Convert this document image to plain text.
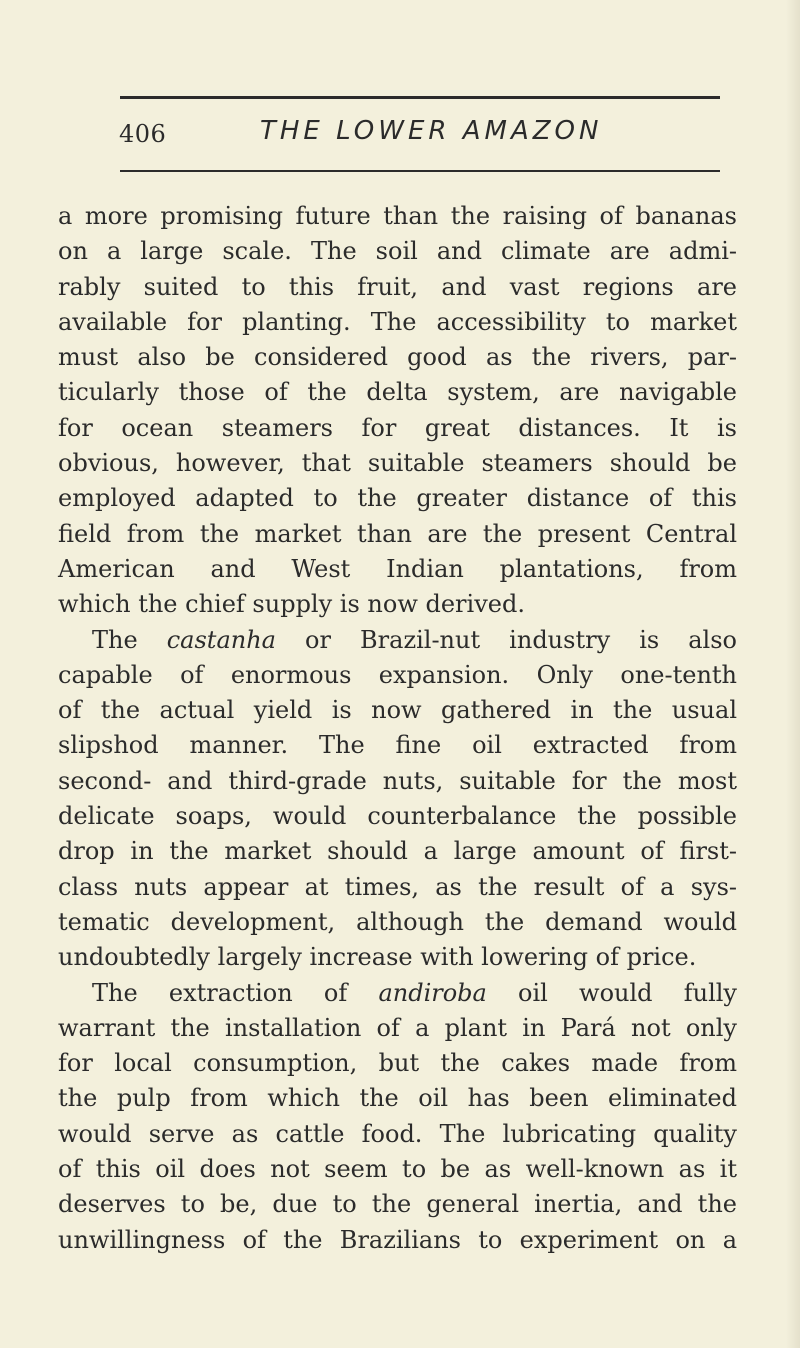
406	THE LOWER AMAZON
a more promising future than the raising of bananas
on a large scale. The soil and climate are admi-
rably suited to this fruit, and vast regions are
available for planting. The accessibility to market
must also be considered good as the rivers, par-
ticularly those of the delta system, are navigable
for ocean steamers for great distances. It is
obvious, however, that suitable steamers should be
employed adapted to the greater distance of this
field from the market than are the present Central
American and West Indian plantations, from
which the chief supply is now derived.
The castanha or Brazil-nut industry is also
capable of enormous expansion. Only one-tenth
of the actual yield is now gathered in the usual
slipshod manner. The fine oil extracted from
second- and third-grade nuts, suitable for the most
delicate soaps, would counterbalance the possible
drop in the market should a large amount of first-
class nuts appear at times, as the result of a sys-
tematic development, although the demand would
undoubtedly largely increase with lowering of price.
The extraction of andiroba oil would fully
warrant the installation of a plant in Pará not only
for local consumption, but the cakes made from
the pulp from which the oil has been eliminated
would serve as cattle food. The lubricating quality
of this oil does not seem to be as well-known as it
deserves to be, due to the general inertia, and the
unwillingness of the Brazilians to experiment on a
